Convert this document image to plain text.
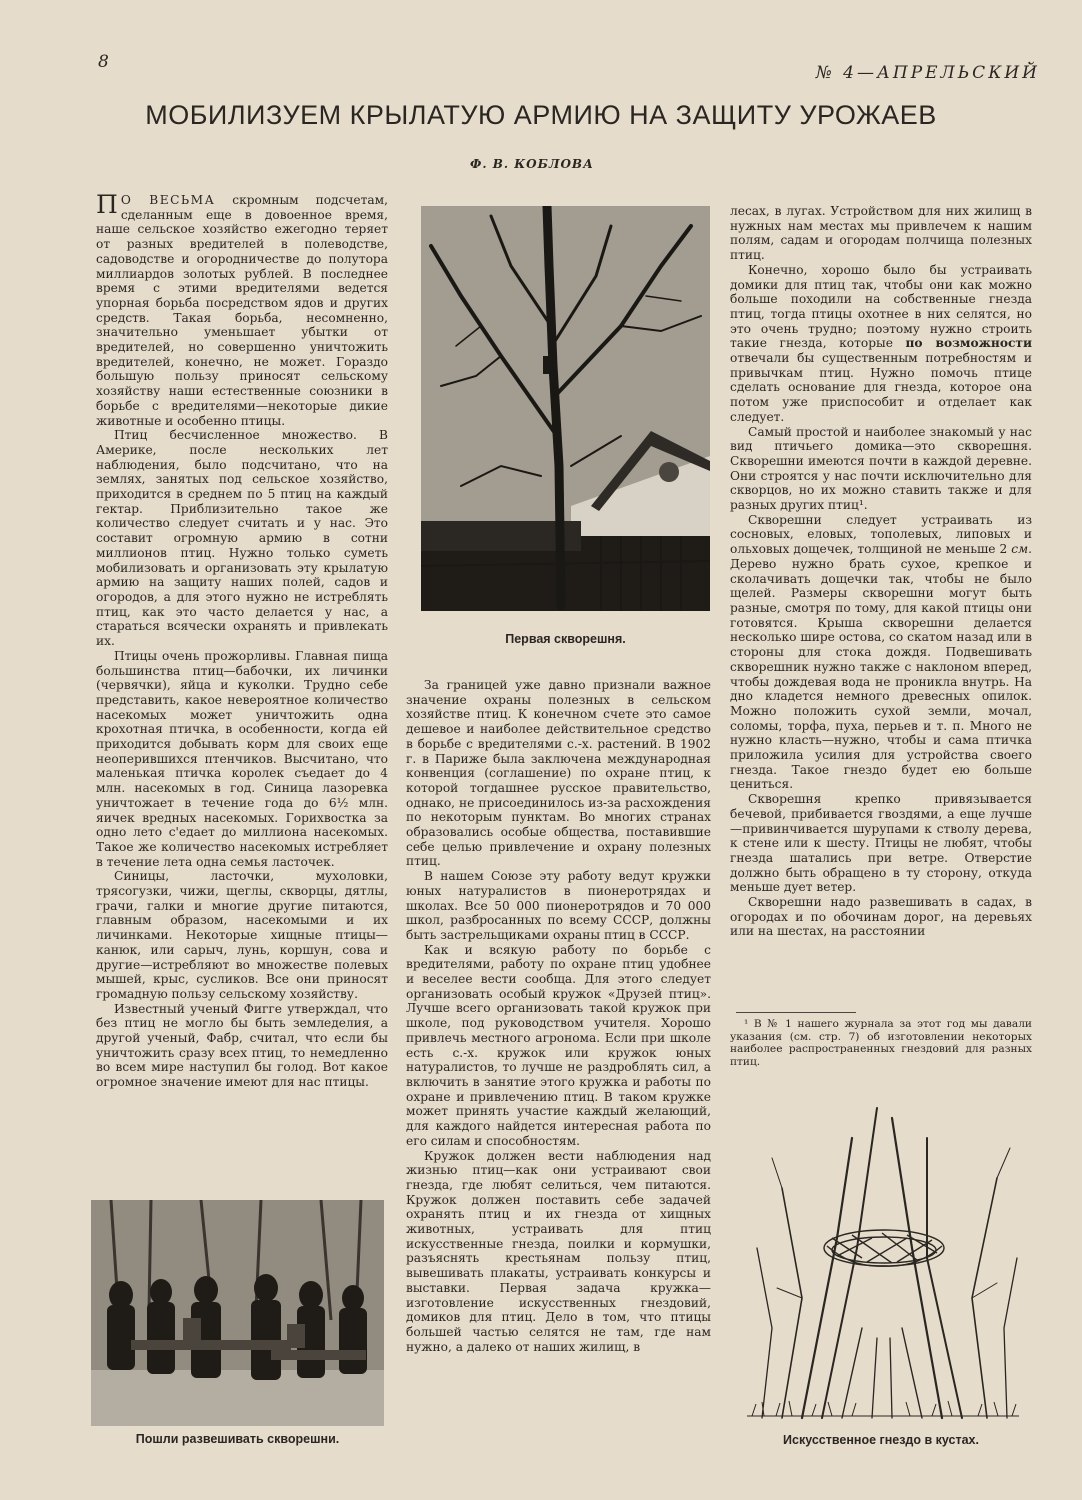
8
№ 4—АПРЕЛЬСКИЙ
МОБИЛИЗУЕМ КРЫЛАТУЮ АРМИЮ НА ЗАЩИТУ УРОЖАЕВ
Ф. В. КОБЛОВА

П О ВЕСЬМА скромным подсчетам, сделанным еще в довоенное время, наше сельское хозяйство ежегодно теряет от разных вредителей в полеводстве, садоводстве и огородничестве до полутора миллиардов золотых рублей. В последнее время с этими вредителями ведется упорная борьба посредством ядов и других средств. Такая борьба, несомненно, значительно уменьшает убытки от вредителей, но совершенно уничтожить вредителей, конечно, не может. Гораздо большую пользу приносят сельскому хозяйству наши естественные союзники в борьбе с вредителями—некоторые дикие животные и особенно птицы.

Птиц бесчисленное множество. В Америке, после нескольких лет наблюдения, было подсчитано, что на землях, занятых под сельское хозяйство, приходится в среднем по 5 птиц на каждый гектар. Приблизительно такое же количество следует считать и у нас. Это составит огромную армию в сотни миллионов птиц. Нужно только суметь мобилизовать и организовать эту крылатую армию на защиту наших полей, садов и огородов, а для этого нужно не истреблять птиц, как это часто делается у нас, а стараться всячески охранять и привлекать их.

Птицы очень прожорливы. Главная пища большинства птиц—бабочки, их личинки (червячки), яйца и куколки. Трудно себе представить, какое невероятное количество насекомых может уничтожить одна крохотная птичка, в особенности, когда ей приходится добывать корм для своих еще неоперившихся птенчиков. Высчитано, что маленькая птичка королек съедает до 4 млн. насекомых в год. Синица лазоревка уничтожает в течение года до 6½ млн. яичек вредных насекомых. Горихвостка за одно лето с'едает до миллиона насекомых. Такое же количество насекомых истребляет в течение лета одна семья ласточек.

Синицы, ласточки, мухоловки, трясогузки, чижи, щеглы, скворцы, дятлы, грачи, галки и многие другие питаются, главным образом, насекомыми и их личинками. Некоторые хищные птицы—канюк, или сарыч, лунь, коршун, сова и другие—истребляют во множестве полевых мышей, крыс, сусликов. Все они приносят громадную пользу сельскому хозяйству.

Известный ученый Фигге утверждал, что без птиц не могло бы быть земледелия, а другой ученый, Фабр, считал, что если бы уничтожить сразу всех птиц, то немедленно во всем мире наступил бы голод. Вот какое огромное значение имеют для нас птицы.

Первая скворешня.

За границей уже давно признали важное значение охраны полезных в сельском хозяйстве птиц. К конечном счете это самое дешевое и наиболее действительное средство в борьбе с вредителями с.-х. растений. В 1902 г. в Париже была заключена международная конвенция (соглашение) по охране птиц, к которой тогдашнее русское правительство, однако, не присоединилось из-за расхождения по некоторым пунктам. Во многих странах образовались особые общества, поставившие себе целью привлечение и охрану полезных птиц.

В нашем Союзе эту работу ведут кружки юных натуралистов в пионеротрядах и школах. Все 50 000 пионеротрядов и 70 000 школ, разбросанных по всему СССР, должны быть застрельщиками охраны птиц в СССР.

Как и всякую работу по борьбе с вредителями, работу по охране птиц удобнее и веселее вести сообща. Для этого следует организовать особый кружок «Друзей птиц». Лучше всего организовать такой кружок при школе, под руководством учителя. Хорошо привлечь местного агронома. Если при школе есть с.-х. кружок или кружок юных натуралистов, то лучше не раздроблять сил, а включить в занятие этого кружка и работы по охране и привлечению птиц. В таком кружке может принять участие каждый желающий, для каждого найдется интересная работа по его силам и способностям.

Кружок должен вести наблюдения над жизнью птиц—как они устраивают свои гнезда, где любят селиться, чем питаются. Кружок должен поставить себе задачей охранять птиц и их гнезда от хищных животных, устраивать для птиц искусственные гнезда, поилки и кормушки, разъяснять крестьянам пользу птиц, вывешивать плакаты, устраивать конкурсы и выставки. Первая задача кружка—изготовление искусственных гнездовий, домиков для птиц. Дело в том, что птицы большей частью селятся не там, где нам нужно, а далеко от наших жилищ, в

лесах, в лугах. Устройством для них жилищ в нужных нам местах мы привлечем к нашим полям, садам и огородам полчища полезных птиц.

Конечно, хорошо было бы устраивать домики для птиц так, чтобы они как можно больше походили на собственные гнезда птиц, тогда птицы охотнее в них селятся, но это очень трудно; поэтому нужно строить такие гнезда, которые по возможности отвечали бы существенным потребностям и привычкам птиц. Нужно помочь птице сделать основание для гнезда, которое она потом уже приспособит и отделает как следует.

Самый простой и наиболее знакомый у нас вид птичьего домика—это скворешня. Скворешни имеются почти в каждой деревне. Они строятся у нас почти исключительно для скворцов, но их можно ставить также и для разных других птиц¹.

Скворешни следует устраивать из сосновых, еловых, тополевых, липовых и ольховых дощечек, толщиной не меньше 2 см. Дерево нужно брать сухое, крепкое и сколачивать дощечки так, чтобы не было щелей. Размеры скворешни могут быть разные, смотря по тому, для какой птицы они готовятся. Крыша скворешни делается несколько шире остова, со скатом назад или в стороны для стока дождя. Подвешивать скворешник нужно также с наклоном вперед, чтобы дождевая вода не проникла внутрь. На дно кладется немного древесных опилок. Можно положить сухой земли, мочал, соломы, торфа, пуха, перьев и т. п. Много не нужно класть—нужно, чтобы и сама птичка приложила усилия для устройства своего гнезда. Такое гнездо будет ею больше цениться.

Скворешня крепко привязывается бечевой, прибивается гвоздями, а еще лучше—привинчивается шурупами к стволу дерева, к стене или к шесту. Птицы не любят, чтобы гнезда шатались при ветре. Отверстие должно быть обращено в ту сторону, откуда меньше дует ветер.

Скворешни надо развешивать в садах, в огородах и по обочинам дорог, на деревьях или на шестах, на расстоянии

¹ В № 1 нашего журнала за этот год мы давали указания (см. стр. 7) об изготовлении некоторых наиболее распространенных гнездовий для разных птиц.

Искусственное гнездо в кустах.
Пошли развешивать скворешни.
